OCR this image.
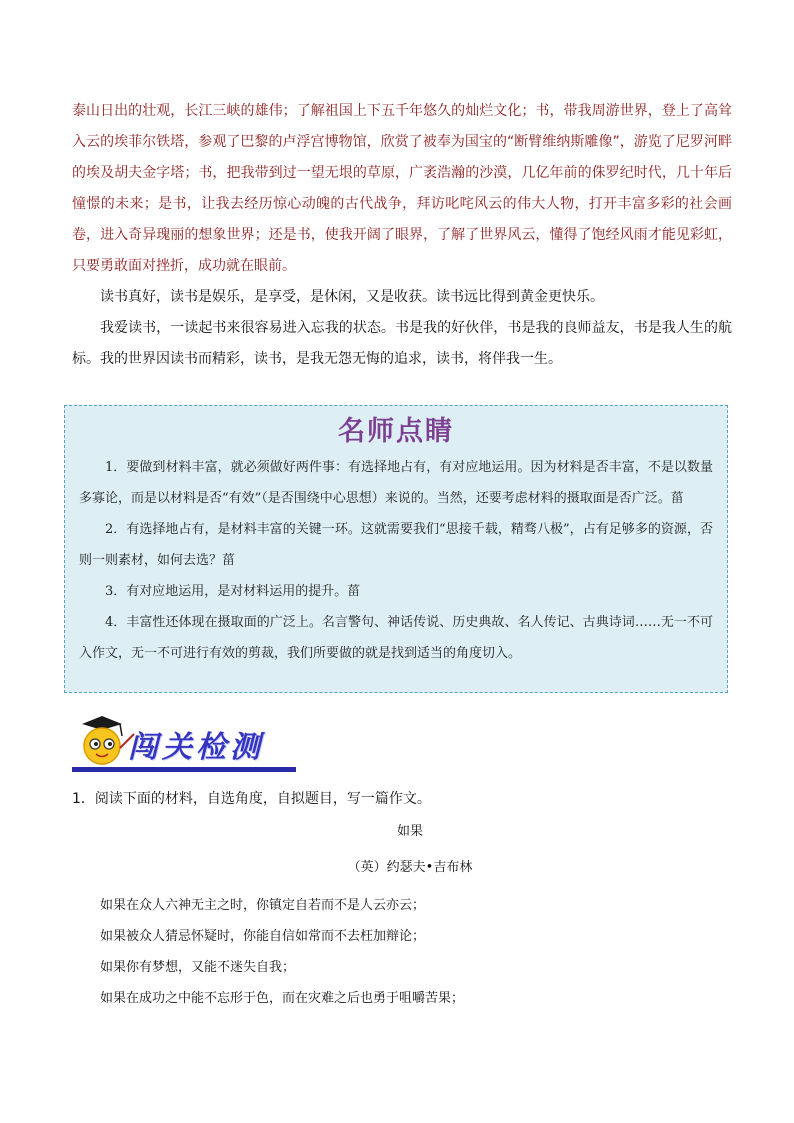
泰山日出的壮观，长江三峡的雄伟；了解祖国上下五千年悠久的灿烂文化；书，带我周游世界，登上了高耸入云的埃菲尔铁塔，参观了巴黎的卢浮宫博物馆，欣赏了被奉为国宝的“断臂维纳斯雕像”，游览了尼罗河畔的埃及胡夫金字塔；书，把我带到过一望无垠的草原，广袤浩瀚的沙漠，几亿年前的侏罗纪时代，几十年后憧憬的未来；是书，让我去经历惊心动魄的古代战争，拜访叱咤风云的伟大人物，打开丰富多彩的社会画卷，进入奇异瑰丽的想象世界；还是书，使我开阔了眼界，了解了世界风云，懂得了饱经风雨才能见彩虹，只要勇敢面对挫折，成功就在眼前。

读书真好，读书是娱乐，是享受，是休闲，又是收获。读书远比得到黄金更快乐。

我爱读书，一读起书来很容易进入忘我的状态。书是我的好伙伴，书是我的良师益友，书是我人生的航标。我的世界因读书而精彩，读书，是我无怨无悔的追求，读书，将伴我一生。

名师点睛

1．要做到材料丰富，就必须做好两件事：有选择地占有，有对应地运用。因为材料是否丰富，不是以数量多寡论，而是以材料是否“有效”（是否围绕中心思想）来说的。当然，还要考虑材料的摄取面是否广泛。菑

2．有选择地占有，是材料丰富的关键一环。这就需要我们“思接千载，精骛八极”，占有足够多的资源，否则一则素材，如何去选？菑

3．有对应地运用，是对材料运用的提升。菑

4．丰富性还体现在摄取面的广泛上。名言警句、神话传说、历史典故、名人传记、古典诗词……无一不可入作文，无一不可进行有效的剪裁，我们所要做的就是找到适当的角度切入。

闯关检测
1．阅读下面的材料，自选角度，自拟题目，写一篇作文。
如果
（英）约瑟夫•吉布林

如果在众人六神无主之时，你镇定自若而不是人云亦云；

如果被众人猜忌怀疑时，你能自信如常而不去枉加辩论；

如果你有梦想，又能不迷失自我；

如果在成功之中能不忘形于色，而在灾难之后也勇于咀嚼苦果；
